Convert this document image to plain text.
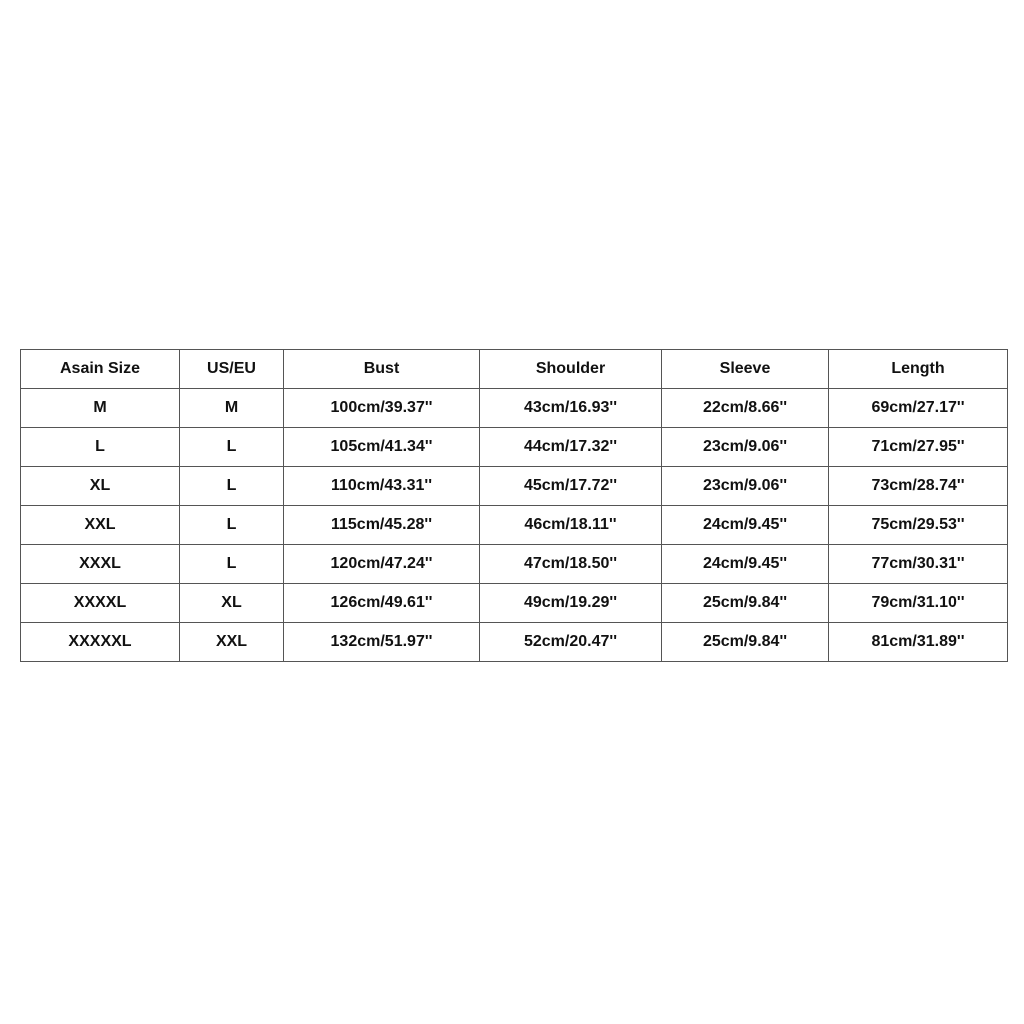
Asain Size	US/EU	Bust	Shoulder	Sleeve	Length
M	M	100cm/39.37''	43cm/16.93''	22cm/8.66''	69cm/27.17''
L	L	105cm/41.34''	44cm/17.32''	23cm/9.06''	71cm/27.95''
XL	L	110cm/43.31''	45cm/17.72''	23cm/9.06''	73cm/28.74''
XXL	L	115cm/45.28''	46cm/18.11''	24cm/9.45''	75cm/29.53''
XXXL	L	120cm/47.24''	47cm/18.50''	24cm/9.45''	77cm/30.31''
XXXXL	XL	126cm/49.61''	49cm/19.29''	25cm/9.84''	79cm/31.10''
XXXXXL	XXL	132cm/51.97''	52cm/20.47''	25cm/9.84''	81cm/31.89''
